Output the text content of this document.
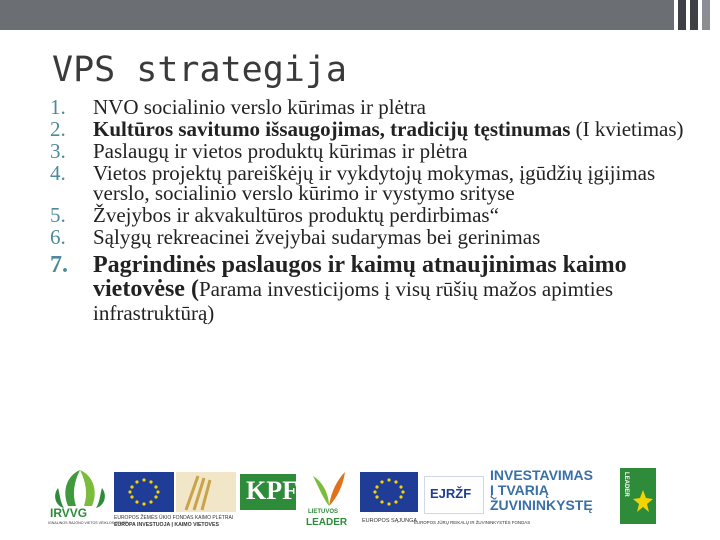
VPS strategija
1. NVO socialinio verslo kūrimas ir plėtra
2. Kultūros savitumo išsaugojimas, tradicijų tęstinumas (I kvietimas)
3. Paslaugų ir vietos produktų kūrimas ir plėtra
4. Vietos projektų pareiškėjų ir vykdytojų mokymas, įgūdžių įgijimas verslo, socialinio verslo kūrimo ir vystymo srityse
5. Žvejybos ir akvakultūros produktų perdirbimas“
6. Sąlygų rekreacinei žvejybai sudarymas bei gerinimas
7. Pagrindinės paslaugos ir kaimų atnaujinimas kaimo vietovėse (Parama investicijoms į visų rūšių mažos apimties infrastruktūrą)
IRVVG
IGNALINOS RAJONO VIETOS VEIKLOS GRUPĖ
EUROPOS ŽEMĖS ŪKIO FONDAS KAIMO PLĖTRAI
EUROPA INVESTUOJA Į KAIMO VIETOVES
KPF
LIETUVOS
LEADER	EUROPOS SĄJUNGA
EJRŽF
EUROPOS JŪRŲ REIKALŲ IR ŽUVININKYSTĖS FONDAS
INVESTAVIMAS
Į TVARIĄ
ŽUVININKYSTĘ
LEADER
